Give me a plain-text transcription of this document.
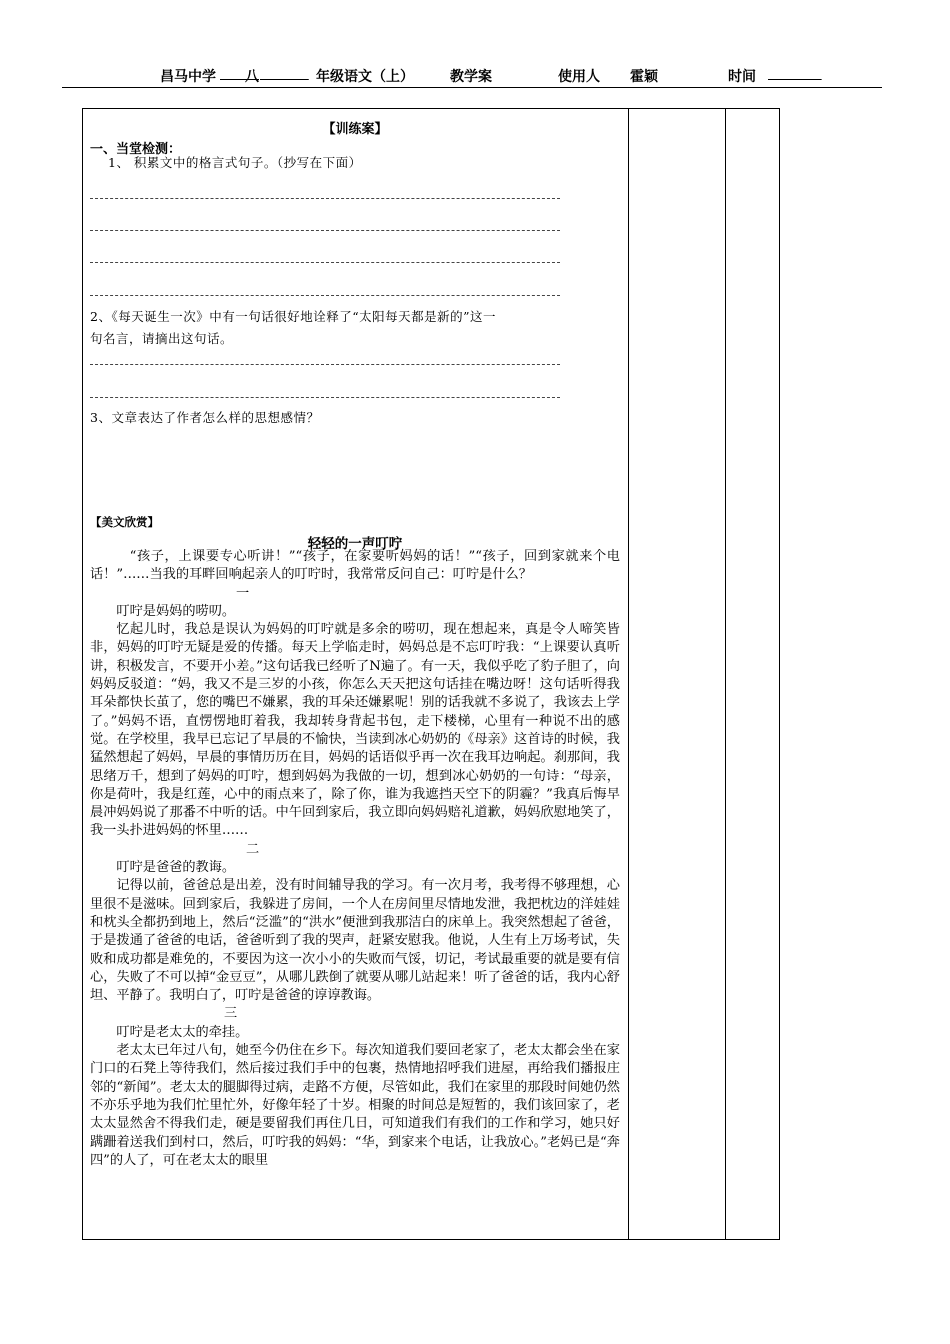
昌马中学
八
	年级语文（上）	教学案	使用人 霍颖	时间

【训练案】
一、当堂检测：
1、 积累文中的格言式句子。（抄写在下面）
2、《每天诞生一次》中有一句话很好地诠释了“太阳每天都是新的”这一
句名言，请摘出这句话。
3、文章表达了作者怎么样的思想感情？
【美文欣赏】
轻轻的一声叮咛

“孩子，上课要专心听讲！”“孩子，在家要听妈妈的话！”“孩子，回到家就来个电话！”……当我的耳畔回响起亲人的叮咛时，我常常反问自己：叮咛是什么？

一

叮咛是妈妈的唠叨。

忆起儿时，我总是误认为妈妈的叮咛就是多余的唠叨，现在想起来，真是令人啼笑皆非，妈妈的叮咛无疑是爱的传播。每天上学临走时，妈妈总是不忘叮咛我：“上课要认真听讲，积极发言，不要开小差。”这句话我已经听了N遍了。有一天，我似乎吃了豹子胆了，向妈妈反驳道：“妈，我又不是三岁的小孩，你怎么天天把这句话挂在嘴边呀！这句话听得我耳朵都快长茧了，您的嘴巴不嫌累，我的耳朵还嫌累呢！别的话我就不多说了，我该去上学了。”妈妈不语，直愣愣地盯着我，我却转身背起书包，走下楼梯，心里有一种说不出的感觉。在学校里，我早已忘记了早晨的不愉快，当读到冰心奶奶的《母亲》这首诗的时候，我猛然想起了妈妈，早晨的事情历历在目，妈妈的话语似乎再一次在我耳边响起。刹那间，我思绪万千，想到了妈妈的叮咛，想到妈妈为我做的一切，想到冰心奶奶的一句诗：“母亲，你是荷叶，我是红莲，心中的雨点来了，除了你，谁为我遮挡天空下的阴霾？”我真后悔早晨冲妈妈说了那番不中听的话。中午回到家后，我立即向妈妈赔礼道歉，妈妈欣慰地笑了，我一头扑进妈妈的怀里……

二

叮咛是爸爸的教诲。

记得以前，爸爸总是出差，没有时间辅导我的学习。有一次月考，我考得不够理想，心里很不是滋味。回到家后，我躲进了房间，一个人在房间里尽情地发泄，我把枕边的洋娃娃和枕头全都扔到地上，然后“泛滥”的“洪水”便泄到我那洁白的床单上。我突然想起了爸爸，于是拨通了爸爸的电话，爸爸听到了我的哭声，赶紧安慰我。他说，人生有上万场考试，失败和成功都是难免的，不要因为这一次小小的失败而气馁，切记，考试最重要的就是要有信心，失败了不可以掉“金豆豆”，从哪儿跌倒了就要从哪儿站起来！听了爸爸的话，我内心舒坦、平静了。我明白了，叮咛是爸爸的谆谆教诲。

三

叮咛是老太太的牵挂。

老太太已年过八旬，她至今仍住在乡下。每次知道我们要回老家了，老太太都会坐在家门口的石凳上等待我们，然后接过我们手中的包裹，热情地招呼我们进屋，再给我们播报庄邻的“新闻”。老太太的腿脚得过病，走路不方便，尽管如此，我们在家里的那段时间她仍然不亦乐乎地为我们忙里忙外，好像年轻了十岁。相聚的时间总是短暂的，我们该回家了，老太太显然舍不得我们走，硬是要留我们再住几日，可知道我们有我们的工作和学习，她只好蹒跚着送我们到村口，然后，叮咛我的妈妈：“华，到家来个电话，让我放心。”老妈已是“奔四”的人了，可在老太太的眼里
